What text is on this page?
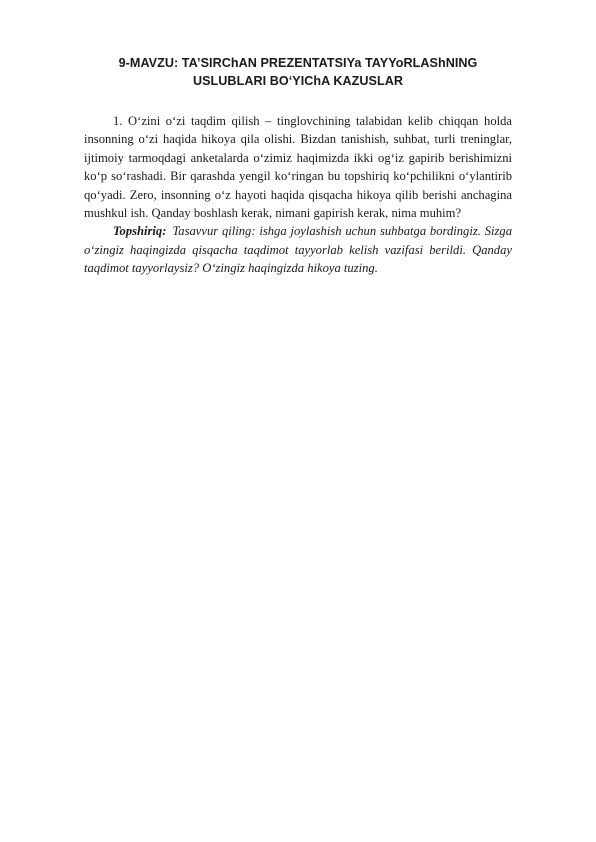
9-MAVZU: TA’SIRChAN PREZENTATSIYa TAYYoRLAShNING
USLUBLARI BO‘YIChA KAZUSLAR

1. O‘zini o‘zi taqdim qilish – tinglovchining talabidan kelib chiqqan holda insonning o‘zi haqida hikoya qila olishi. Bizdan tanishish, suhbat, turli treninglar, ijtimoiy tarmoqdagi anketalarda o‘zimiz haqimizda ikki og‘iz gapirib berishimizni ko‘p so‘rashadi. Bir qarashda yengil ko‘ringan bu topshiriq ko‘pchilikni o‘ylantirib qo‘yadi. Zero, insonning o‘z hayoti haqida qisqacha hikoya qilib berishi anchagina mushkul ish. Qanday boshlash kerak, nimani gapirish kerak, nima muhim?

Topshiriq: Tasavvur qiling: ishga joylashish uchun suhbatga bordingiz. Sizga o‘zingiz haqingizda qisqacha taqdimot tayyorlab kelish vazifasi berildi. Qanday taqdimot tayyorlaysiz? O‘zingiz haqingizda hikoya tuzing.
